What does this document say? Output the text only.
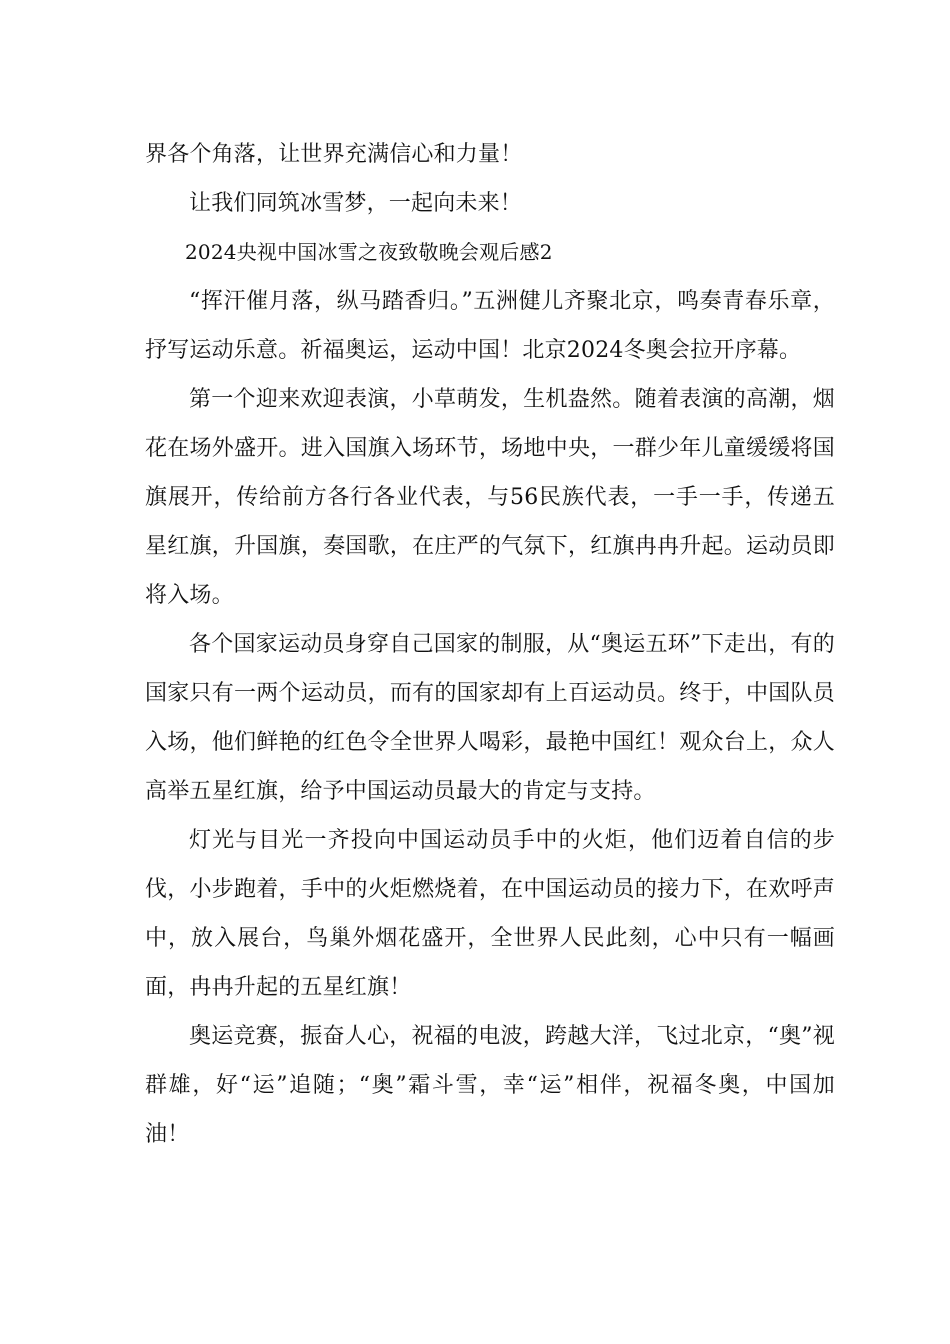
界各个角落，让世界充满信心和力量！

让我们同筑冰雪梦，一起向未来！

2024央视中国冰雪之夜致敬晚会观后感2

“挥汗催月落，纵马踏香归。”五洲健儿齐聚北京，鸣奏青春乐章，抒写运动乐意。祈福奥运，运动中国！北京2024冬奥会拉开序幕。

第一个迎来欢迎表演，小草萌发，生机盎然。随着表演的高潮，烟花在场外盛开。进入国旗入场环节，场地中央，一群少年儿童缓缓将国旗展开，传给前方各行各业代表，与56民族代表，一手一手，传递五星红旗，升国旗，奏国歌，在庄严的气氛下，红旗冉冉升起。运动员即将入场。

各个国家运动员身穿自己国家的制服，从“奥运五环”下走出，有的国家只有一两个运动员，而有的国家却有上百运动员。终于，中国队员入场，他们鲜艳的红色令全世界人喝彩，最艳中国红！观众台上，众人高举五星红旗，给予中国运动员最大的肯定与支持。

灯光与目光一齐投向中国运动员手中的火炬，他们迈着自信的步伐，小步跑着，手中的火炬燃烧着，在中国运动员的接力下，在欢呼声中，放入展台，鸟巢外烟花盛开，全世界人民此刻，心中只有一幅画面，冉冉升起的五星红旗！

奥运竞赛，振奋人心，祝福的电波，跨越大洋，飞过北京，“奥”视群雄，好“运”追随；“奥”霜斗雪，幸“运”相伴，祝福冬奥，中国加油！
